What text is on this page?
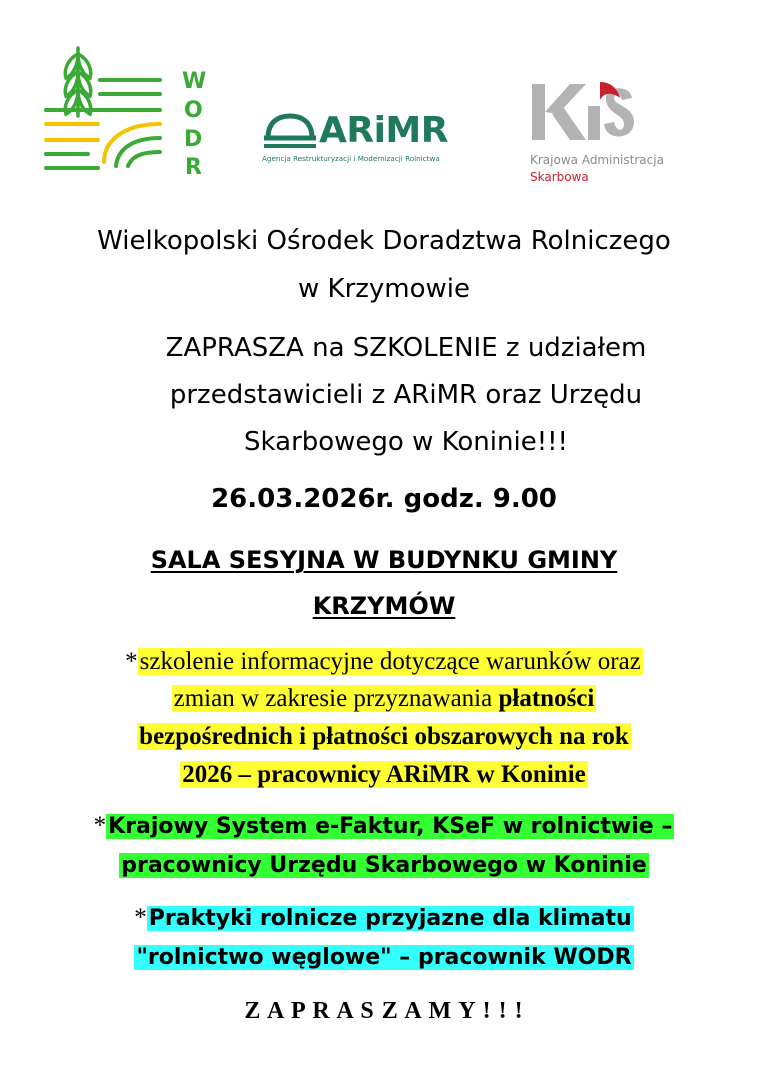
W
O
D
R
ARiMR
Agencja Restrukturyzacji i Modernizacji Rolnictwa	Krajowa Administracja
Skarbowa
Wielkopolski Ośrodek Doradztwa Rolniczego
w Krzymowie
ZAPRASZA na SZKOLENIE z udziałem
przedstawicieli z ARiMR oraz Urzędu
Skarbowego w Koninie!!!
26.03.2026r. godz. 9.00
SALA SESYJNA W BUDYNKU GMINY
KRZYMÓW
*szkolenie informacyjne dotyczące warunków oraz
zmian w zakresie przyznawania płatności
bezpośrednich i płatności obszarowych na rok
2026 – pracownicy ARiMR w Koninie
*Krajowy System e-Faktur, KSeF w rolnictwie –
pracownicy Urzędu Skarbowego w Koninie
*Praktyki rolnicze przyjazne dla klimatu
"rolnictwo węglowe" – pracownik WODR
Z A P R A S Z A M Y ! ! !
